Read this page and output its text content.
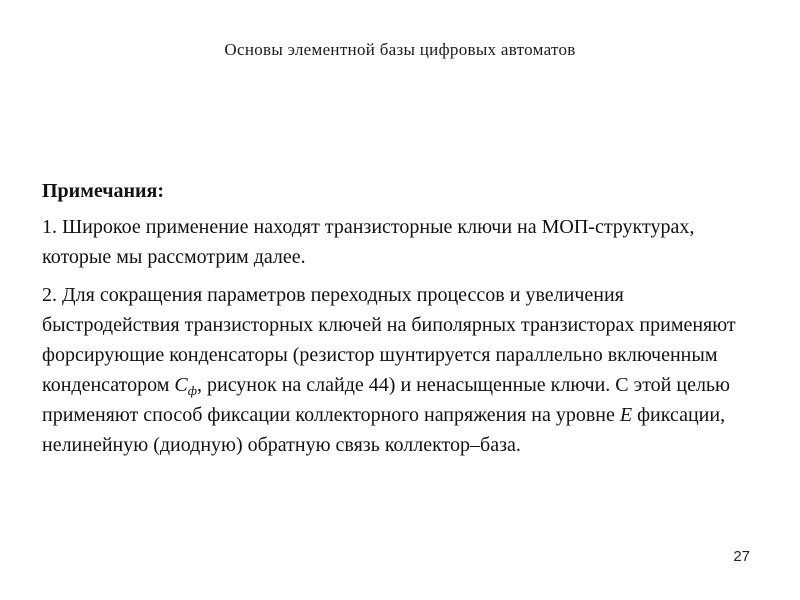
Основы элементной базы цифровых автоматов
Примечания:
1. Широкое применение находят транзисторные ключи на МОП-структурах, которые мы рассмотрим далее.
2. Для сокращения параметров переходных процессов и увеличения быстродействия транзисторных ключей на биполярных транзисторах применяют форсирующие конденсаторы (резистор шунтируется параллельно включенным конденсатором $C_ф$, рисунок на слайде 44) и ненасыщенные ключи. С этой целью применяют способ фиксации коллекторного напряжения на уровне E фиксации, нелинейную (диодную) обратную связь коллектор–база.
27
